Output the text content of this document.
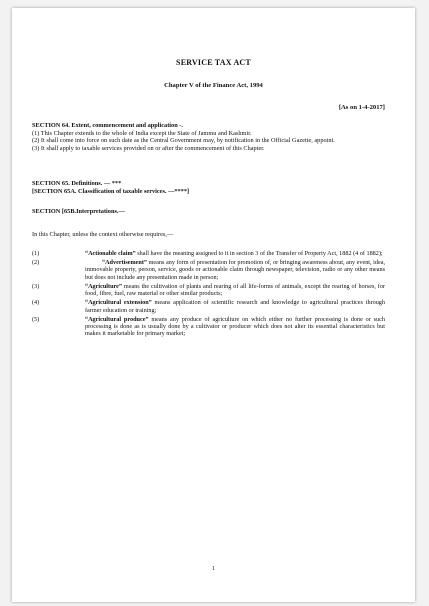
SERVICE TAX ACT
Chapter V of the Finance Act, 1994
[As on 1-4-2017]
SECTION 64. Extent, commencement and application -.
(1) This Chapter extends to the whole of India except the State of Jammu and Kashmir.
(2) It shall come into force on such date as the Central Government may, by notification in the Official Gazette, appoint.
(3) It shall apply to taxable services provided on or after the commencement of this Chapter.
SECTION 65. Definitions. — ***
[SECTION 65A. Classification of taxable services. —****]
SECTION [65B.Interpretations.—
In this Chapter, unless the context otherwise requires,—
(1)	“Actionable claim” shall have the meaning assigned to it in section 3 of the Transfer of Property Act, 1882 (4 of 1882);
(2)	“Advertisement” means any form of presentation for promotion of, or bringing awareness about, any event, idea, immovable property, person, service, goods or actionable claim through newspaper, television, radio or any other means but does not include any presentation made in person;
(3)	“Agriculture” means the cultivation of plants and rearing of all life-forms of animals, except the rearing of horses, for food, fibre, fuel, raw material or other similar products;
(4)	“Agricultural extension” means application of scientific research and knowledge to agricultural practices through farmer education or training;
(5)	“Agricultural produce” means any produce of agriculture on which either no further processing is done or such processing is done as is usually done by a cultivator or producer which does not alter its essential characteristics but makes it marketable for primary market;
1
